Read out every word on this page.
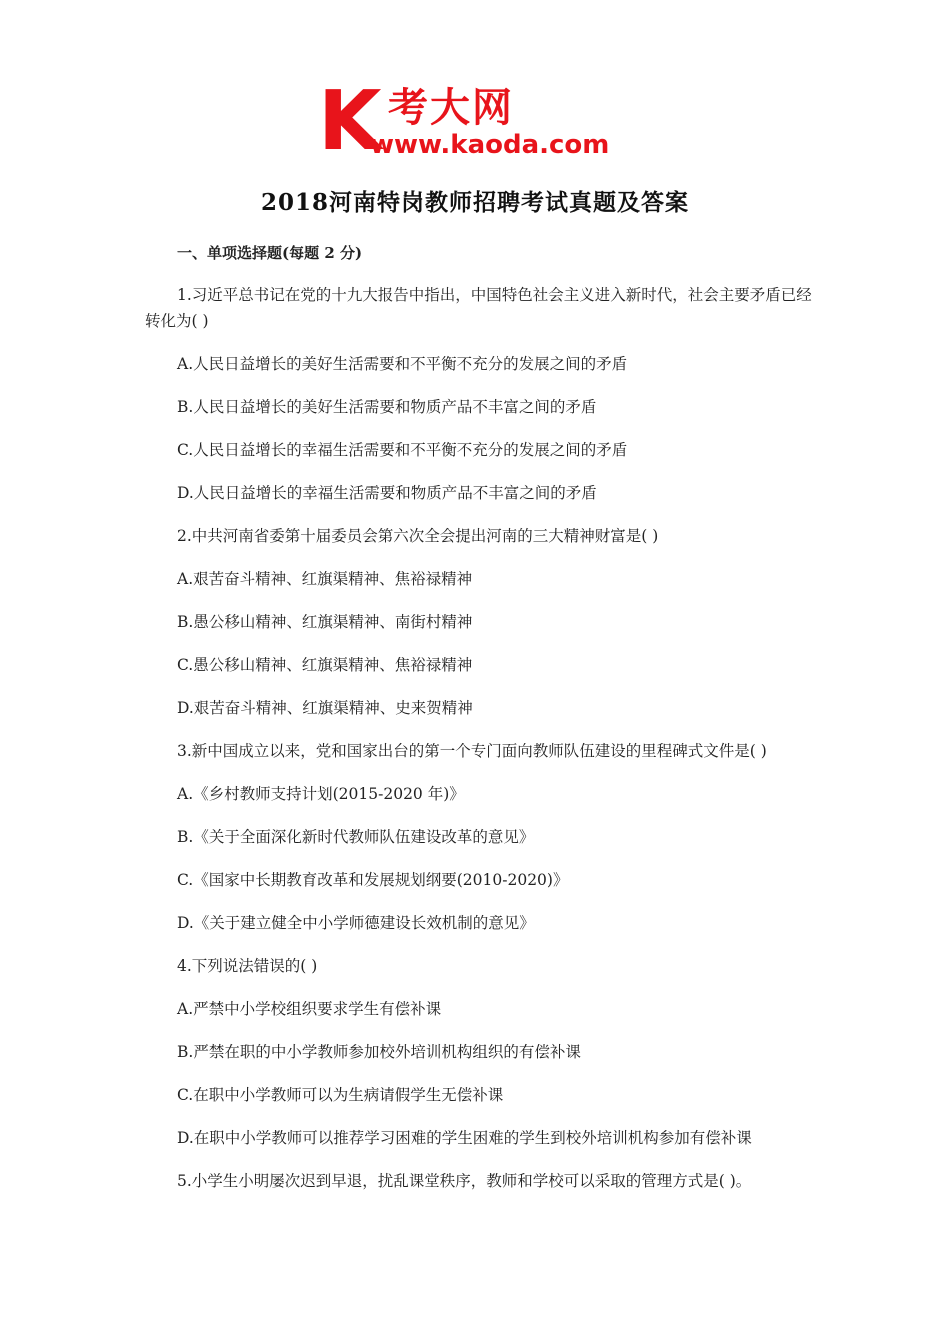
K 考大网
www.kaoda.com
2018河南特岗教师招聘考试真题及答案
一、单项选择题(每题 2 分)
1.习近平总书记在党的十九大报告中指出，中国特色社会主义进入新时代，社会主要矛盾已经转化为( )
A.人民日益增长的美好生活需要和不平衡不充分的发展之间的矛盾
B.人民日益增长的美好生活需要和物质产品不丰富之间的矛盾
C.人民日益增长的幸福生活需要和不平衡不充分的发展之间的矛盾
D.人民日益增长的幸福生活需要和物质产品不丰富之间的矛盾
2.中共河南省委第十届委员会第六次全会提出河南的三大精神财富是( )
A.艰苦奋斗精神、红旗渠精神、焦裕禄精神
B.愚公移山精神、红旗渠精神、南街村精神
C.愚公移山精神、红旗渠精神、焦裕禄精神
D.艰苦奋斗精神、红旗渠精神、史来贺精神
3.新中国成立以来，党和国家出台的第一个专门面向教师队伍建设的里程碑式文件是( )
A.《乡村教师支持计划(2015-2020 年)》
B.《关于全面深化新时代教师队伍建设改革的意见》
C.《国家中长期教育改革和发展规划纲要(2010-2020)》
D.《关于建立健全中小学师德建设长效机制的意见》
4.下列说法错误的( )
A.严禁中小学校组织要求学生有偿补课
B.严禁在职的中小学教师参加校外培训机构组织的有偿补课
C.在职中小学教师可以为生病请假学生无偿补课
D.在职中小学教师可以推荐学习困难的学生困难的学生到校外培训机构参加有偿补课
5.小学生小明屡次迟到早退，扰乱课堂秩序，教师和学校可以采取的管理方式是( )。
